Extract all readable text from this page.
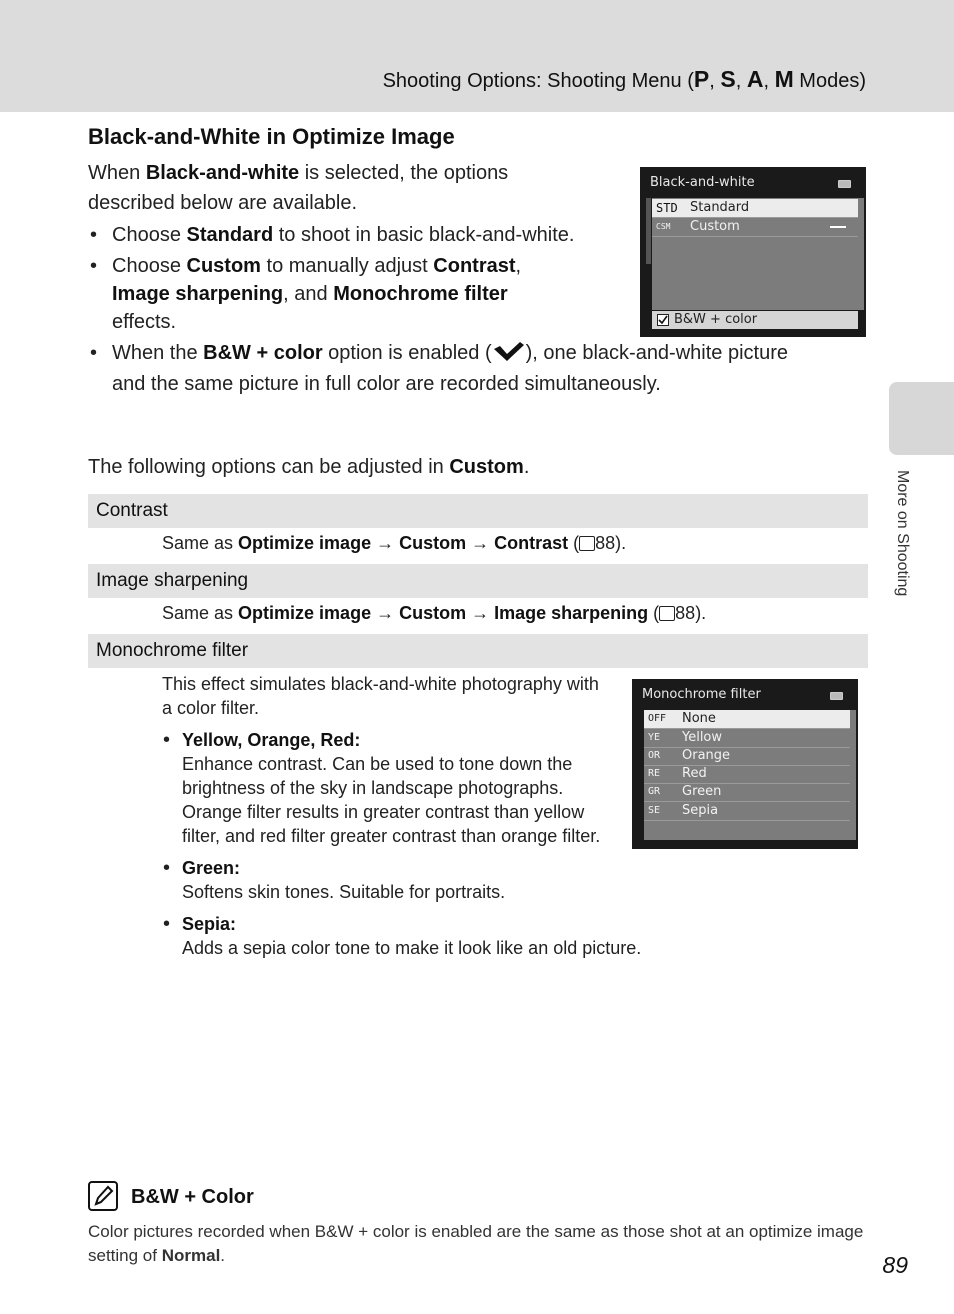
Shooting Options: Shooting Menu (P, S, A, M Modes)
More on Shooting
Black-and-White in Optimize Image
When Black-and-white is selected, the options described below are available.
• Choose Standard to shoot in basic black-and-white.
• Choose Custom to manually adjust Contrast,
Image sharpening, and Monochrome filter
effects.
• When the B&W + color option is enabled ( ), one black-and-white picture and the same picture in full color are recorded simultaneously.
The following options can be adjusted in Custom.
Black-and-white
STD Standard
CSM	Custom
B&W + color
Contrast
Same as Optimize image → Custom → Contrast ( 88).
Image sharpening
Same as Optimize image → Custom → Image sharpening ( 88).
Monochrome filter
This effect simulates black-and-white photography with a color filter.
• Yellow, Orange, Red:
Enhance contrast. Can be used to tone down the brightness of the sky in landscape photographs. Orange filter results in greater contrast than yellow filter, and red filter greater contrast than orange filter.
• Green:
Softens skin tones. Suitable for portraits.
• Sepia:
Adds a sepia color tone to make it look like an old picture.
Monochrome filter
OFF	None
YE	Yellow
OR	Orange
RE	Red
GR	Green
SE	Sepia
B&W + Color
Color pictures recorded when B&W + color is enabled are the same as those shot at an optimize image setting of Normal.	89
